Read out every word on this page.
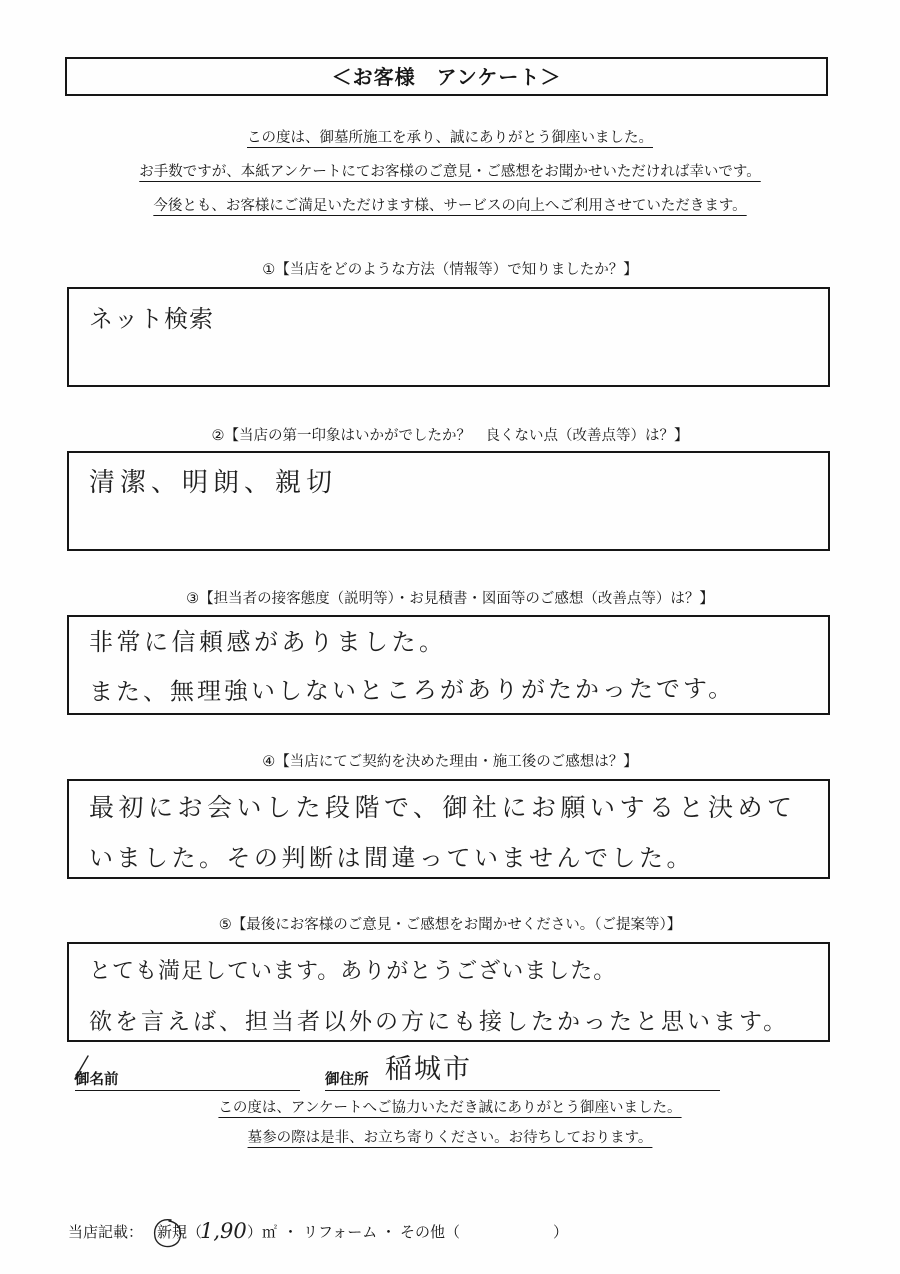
＜お客様　アンケート＞
この度は、御墓所施工を承り、誠にありがとう御座いました。
お手数ですが、本紙アンケートにてお客様のご意見・ご感想をお聞かせいただければ幸いです。
今後とも、お客様にご満足いただけます様、サービスの向上へご利用させていただきます。
①【当店をどのような方法（情報等）で知りましたか？】
ネット検索
②【当店の第一印象はいかがでしたか？　良くない点（改善点等）は？】
清潔、明朗、親切
③【担当者の接客態度（説明等）・お見積書・図面等のご感想（改善点等）は？】
非常に信頼感がありました。
また、無理強いしないところがありがたかったです。
④【当店にてご契約を決めた理由・施工後のご感想は？】
最初にお会いした段階で、御社にお願いすると決めて
いました。その判断は間違っていませんでした。
⑤【最後にお客様のご意見・ご感想をお聞かせください。（ご提案等）】
とても満足しています。ありがとうございました。
欲を言えば、担当者以外の方にも接したかったと思います。
御名前	御住所 稲城市
この度は、アンケートへご協力いただき誠にありがとう御座いました。
墓参の際は是非、お立ち寄りください。お待ちしております。
当店記載： 新規 （
1,90 ）㎡ ・ リフォーム ・ その他（	）
